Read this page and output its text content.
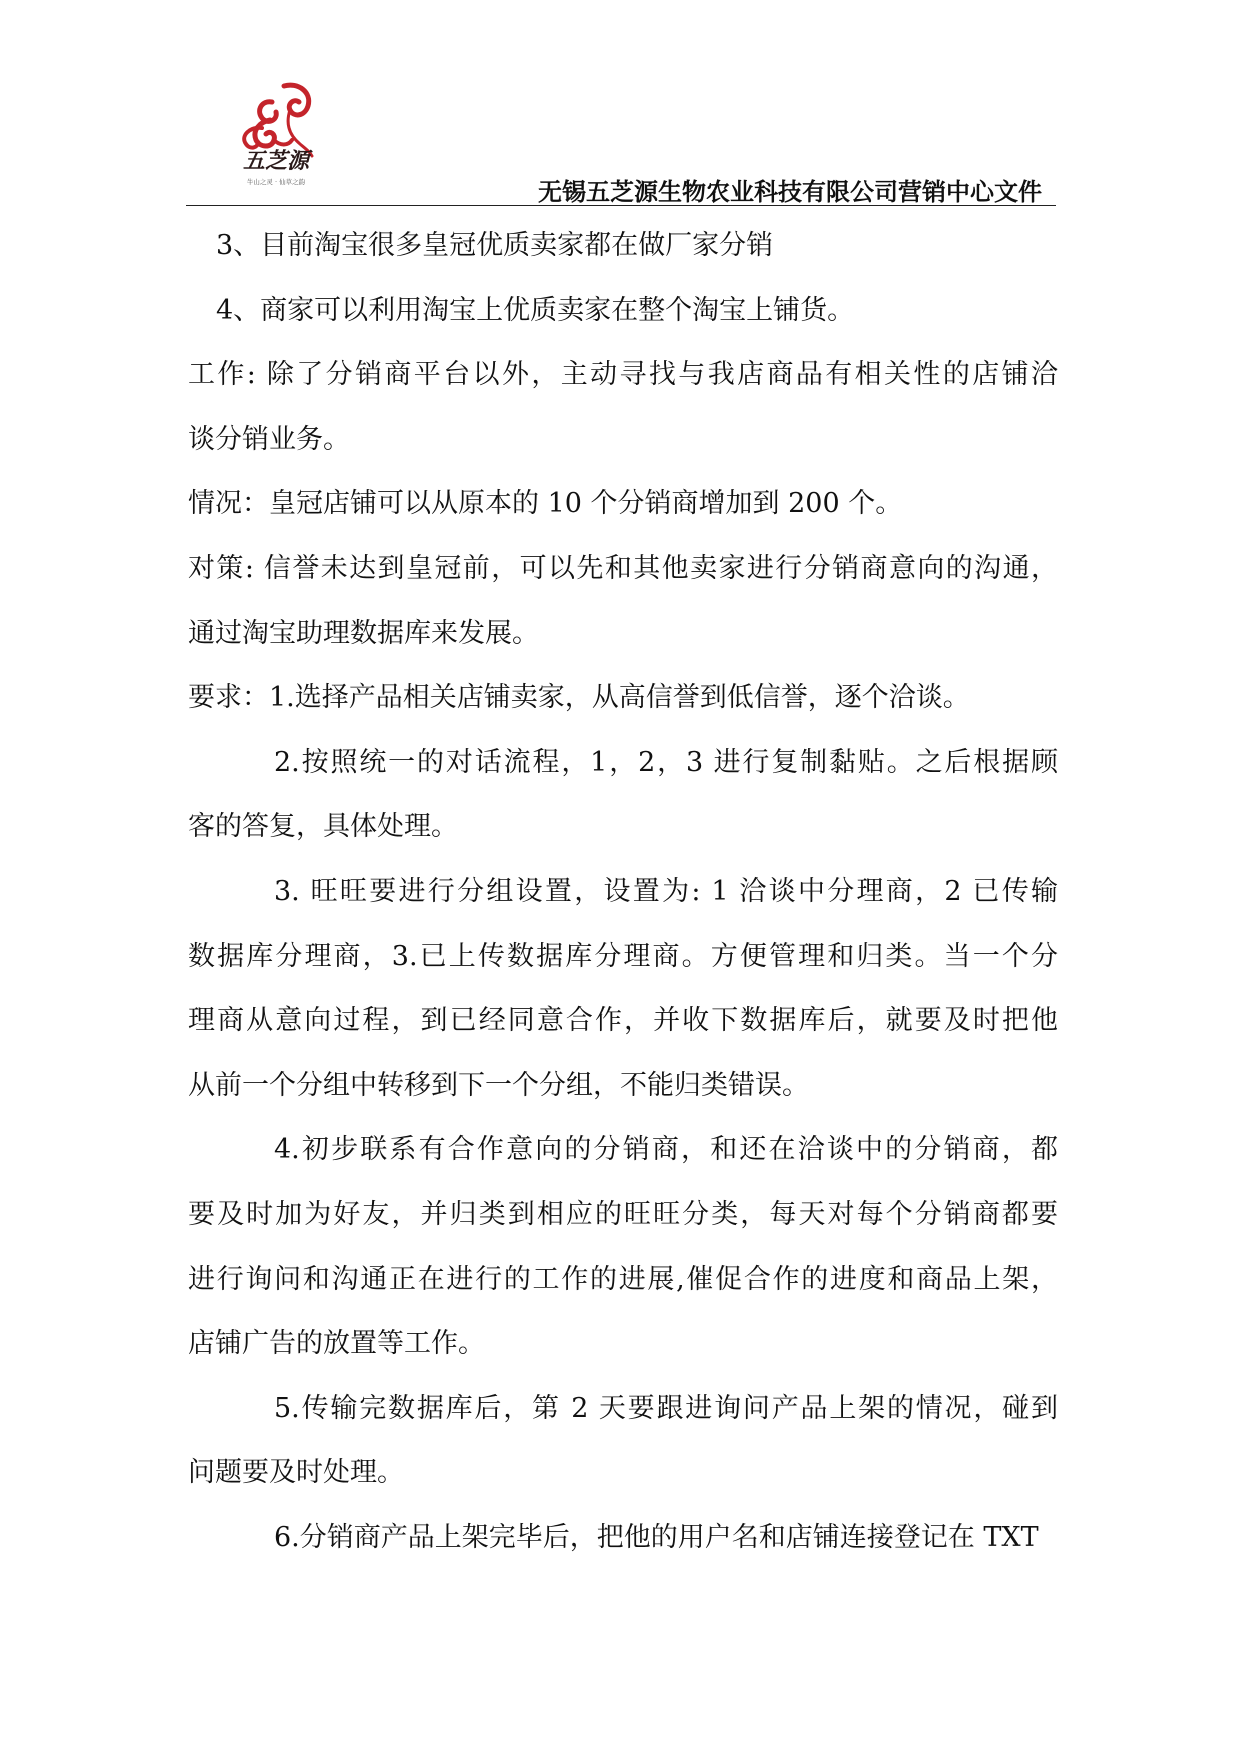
五芝源
牛山之灵 · 仙草之韵	无锡五芝源生物农业科技有限公司营销中心文件
3、目前淘宝很多皇冠优质卖家都在做厂家分销
4、商家可以利用淘宝上优质卖家在整个淘宝上铺货。
工作: 除了分销商平台以外，主动寻找与我店商品有相关性的店铺洽
谈分销业务。
情况：皇冠店铺可以从原本的 10 个分销商增加到 200 个。
对策: 信誉未达到皇冠前，可以先和其他卖家进行分销商意向的沟通，
通过淘宝助理数据库来发展。
要求：1.选择产品相关店铺卖家，从高信誉到低信誉，逐个洽谈。
2.按照统一的对话流程，1，2，3 进行复制黏贴。之后根据顾
客的答复，具体处理。
3. 旺旺要进行分组设置，设置为: 1 洽谈中分理商，2 已传输
数据库分理商，3.已上传数据库分理商。方便管理和归类。当一个分
理商从意向过程，到已经同意合作，并收下数据库后，就要及时把他
从前一个分组中转移到下一个分组，不能归类错误。
4.初步联系有合作意向的分销商，和还在洽谈中的分销商，都
要及时加为好友，并归类到相应的旺旺分类，每天对每个分销商都要
进行询问和沟通正在进行的工作的进展,催促合作的进度和商品上架，
店铺广告的放置等工作。
5.传输完数据库后，第 2 天要跟进询问产品上架的情况，碰到
问题要及时处理。
6.分销商产品上架完毕后，把他的用户名和店铺连接登记在 TXT
